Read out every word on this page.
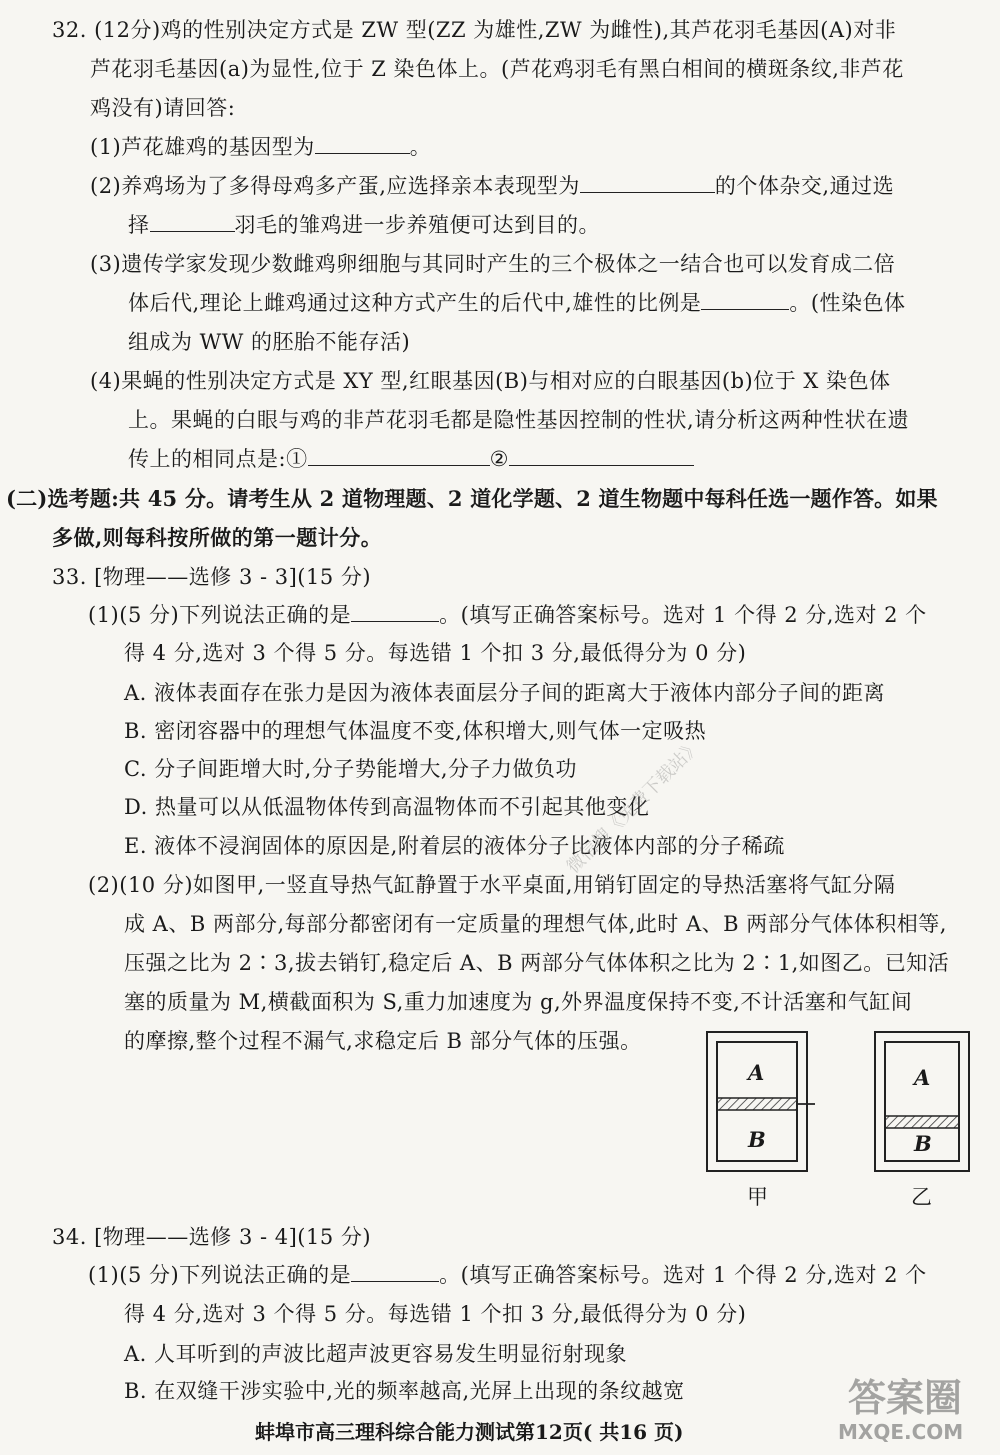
32. (12分)鸡的性别决定方式是 ZW 型(ZZ 为雄性,ZW 为雌性),其芦花羽毛基因(A)对非
芦花羽毛基因(a)为显性,位于 Z 染色体上。(芦花鸡羽毛有黑白相间的横斑条纹,非芦花
鸡没有)请回答:
(1)芦花雄鸡的基因型为	。
(2)养鸡场为了多得母鸡多产蛋,应选择亲本表现型为	的个体杂交,通过选
择	羽毛的雏鸡进一步养殖便可达到目的。
(3)遗传学家发现少数雌鸡卵细胞与其同时产生的三个极体之一结合也可以发育成二倍
体后代,理论上雌鸡通过这种方式产生的后代中,雄性的比例是	。(性染色体
组成为 WW 的胚胎不能存活)
(4)果蝇的性别决定方式是 XY 型,红眼基因(B)与相对应的白眼基因(b)位于 X 染色体
上。果蝇的白眼与鸡的非芦花羽毛都是隐性基因控制的性状,请分析这两种性状在遗
传上的相同点是:①	②
(二)选考题:共 45 分。请考生从 2 道物理题、2 道化学题、2 道生物题中每科任选一题作答。如果
多做,则每科按所做的第一题计分。
33. [物理——选修 3 - 3](15 分)
(1)(5 分)下列说法正确的是	。(填写正确答案标号。选对 1 个得 2 分,选对 2 个
得 4 分,选对 3 个得 5 分。每选错 1 个扣 3 分,最低得分为 0 分)
A. 液体表面存在张力是因为液体表面层分子间的距离大于液体内部分子间的距离
B. 密闭容器中的理想气体温度不变,体积增大,则气体一定吸热
C. 分子间距增大时,分子势能增大,分子力做负功
D. 热量可以从低温物体传到高温物体而不引起其他变化
E. 液体不浸润固体的原因是,附着层的液体分子比液体内部的分子稀疏
(2)(10 分)如图甲,一竖直导热气缸静置于水平桌面,用销钉固定的导热活塞将气缸分隔
成 A、B 两部分,每部分都密闭有一定质量的理想气体,此时 A、B 两部分气体体积相等,
压强之比为 2∶3,拔去销钉,稳定后 A、B 两部分气体体积之比为 2∶1,如图乙。已知活
塞的质量为 M,横截面积为 S,重力加速度为 g,外界温度保持不变,不计活塞和气缸间
的摩擦,整个过程不漏气,求稳定后 B 部分气体的压强。
A
B
甲
A
B
乙
34. [物理——选修 3 - 4](15 分)
(1)(5 分)下列说法正确的是	。(填写正确答案标号。选对 1 个得 2 分,选对 2 个
得 4 分,选对 3 个得 5 分。每选错 1 个扣 3 分,最低得分为 0 分)
A. 人耳听到的声波比超声波更容易发生明显衍射现象
B. 在双缝干涉实验中,光的频率越高,光屏上出现的条纹越宽
蚌埠市高三理科综合能力测试第12页( 共16 页)
微信搜《免费下载站》
答案圈
MXQE.COM
